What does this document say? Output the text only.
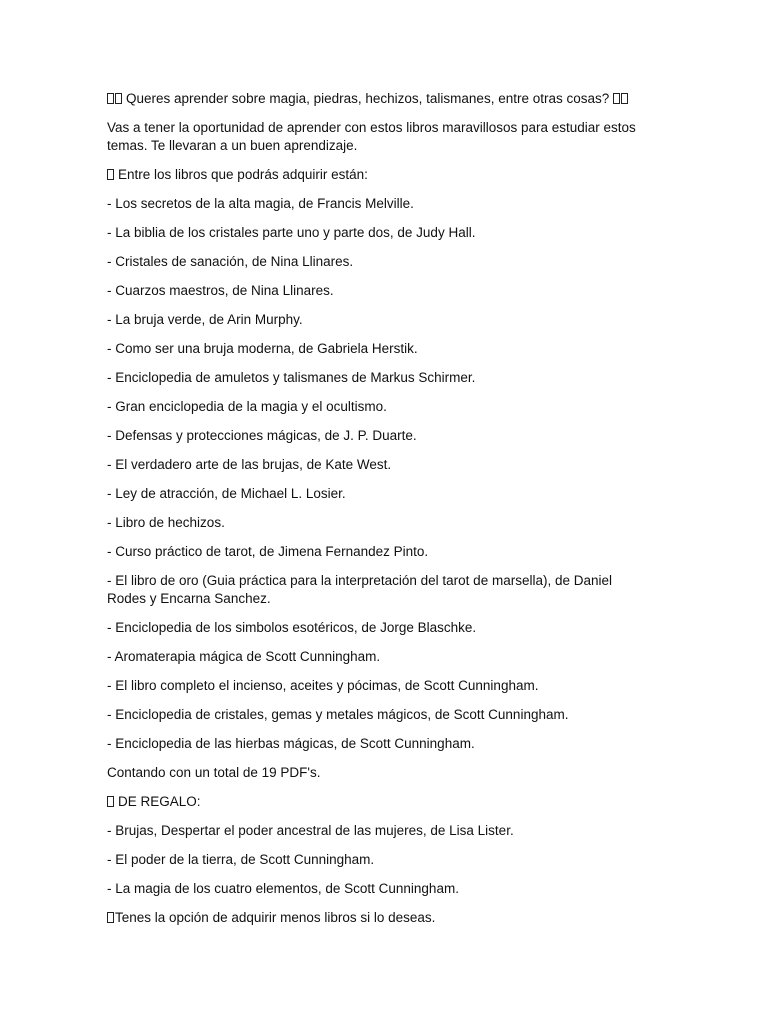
Queres aprender sobre magia, piedras, hechizos, talismanes, entre otras cosas?

Vas a tener la oportunidad de aprender con estos libros maravillosos para estudiar estos temas. Te llevaran a un buen aprendizaje.

Entre los libros que podrás adquirir están:

- Los secretos de la alta magia, de Francis Melville.

- La biblia de los cristales parte uno y parte dos, de Judy Hall.

- Cristales de sanación, de Nina Llinares.

- Cuarzos maestros, de Nina Llinares.

- La bruja verde, de Arin Murphy.

- Como ser una bruja moderna, de Gabriela Herstik.

- Enciclopedia de amuletos y talismanes de Markus Schirmer.

- Gran enciclopedia de la magia y el ocultismo.

- Defensas y protecciones mágicas, de J. P. Duarte.

- El verdadero arte de las brujas, de Kate West.

- Ley de atracción, de Michael L. Losier.

- Libro de hechizos.

- Curso práctico de tarot, de Jimena Fernandez Pinto.

- El libro de oro (Guia práctica para la interpretación del tarot de marsella), de Daniel Rodes y Encarna Sanchez.

- Enciclopedia de los simbolos esotéricos, de Jorge Blaschke.

- Aromaterapia mágica de Scott Cunningham.

- El libro completo el incienso, aceites y pócimas, de Scott Cunningham.

- Enciclopedia de cristales, gemas y metales mágicos, de Scott Cunningham.

- Enciclopedia de las hierbas mágicas, de Scott Cunningham.

Contando con un total de 19 PDF's.

DE REGALO:

- Brujas, Despertar el poder ancestral de las mujeres, de Lisa Lister.

- El poder de la tierra, de Scott Cunningham.

- La magia de los cuatro elementos, de Scott Cunningham.

Tenes la opción de adquirir menos libros si lo deseas.
